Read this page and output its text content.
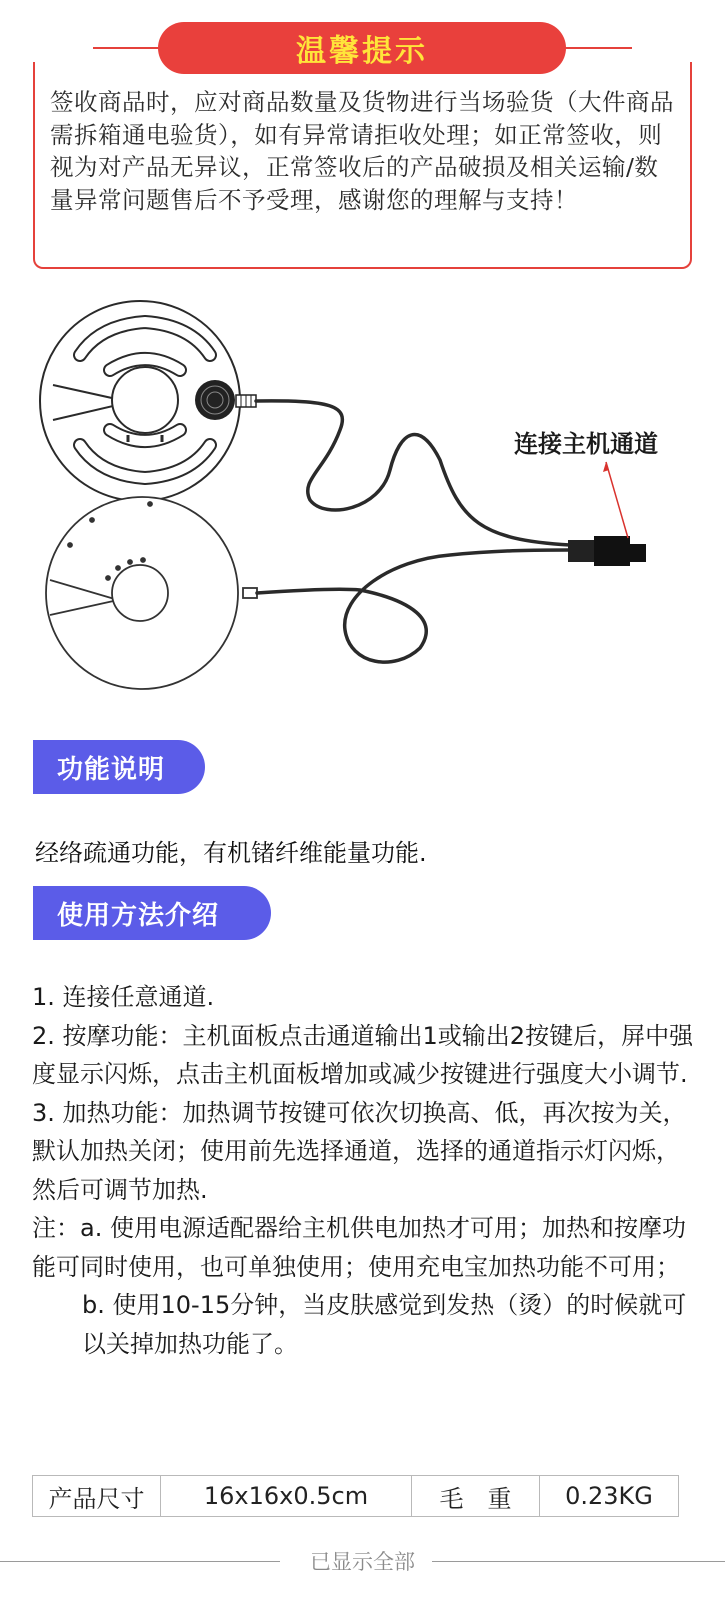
温馨提示
签收商品时，应对商品数量及货物进行当场验货（大件商品需拆箱通电验货），如有异常请拒收处理；如正常签收，则视为对产品无异议，正常签收后的产品破损及相关运输/数量异常问题售后不予受理，感谢您的理解与支持！
连接主机通道
功能说明
经络疏通功能，有机锗纤维能量功能.
使用方法介绍

1. 连接任意通道.

2. 按摩功能：主机面板点击通道输出1或输出2按键后，屏中强度显示闪烁，点击主机面板增加或减少按键进行强度大小调节.

3. 加热功能：加热调节按键可依次切换高、低，再次按为关，默认加热关闭；使用前先选择通道，选择的通道指示灯闪烁，然后可调节加热.

注：a. 使用电源适配器给主机供电加热才可用；加热和按摩功能可同时使用，也可单独使用；使用充电宝加热功能不可用；

b. 使用10-15分钟，当皮肤感觉到发热（烫）的时候就可以关掉加热功能了。

产品尺寸	16x16x0.5cm	毛　重	0.23KG
已显示全部
